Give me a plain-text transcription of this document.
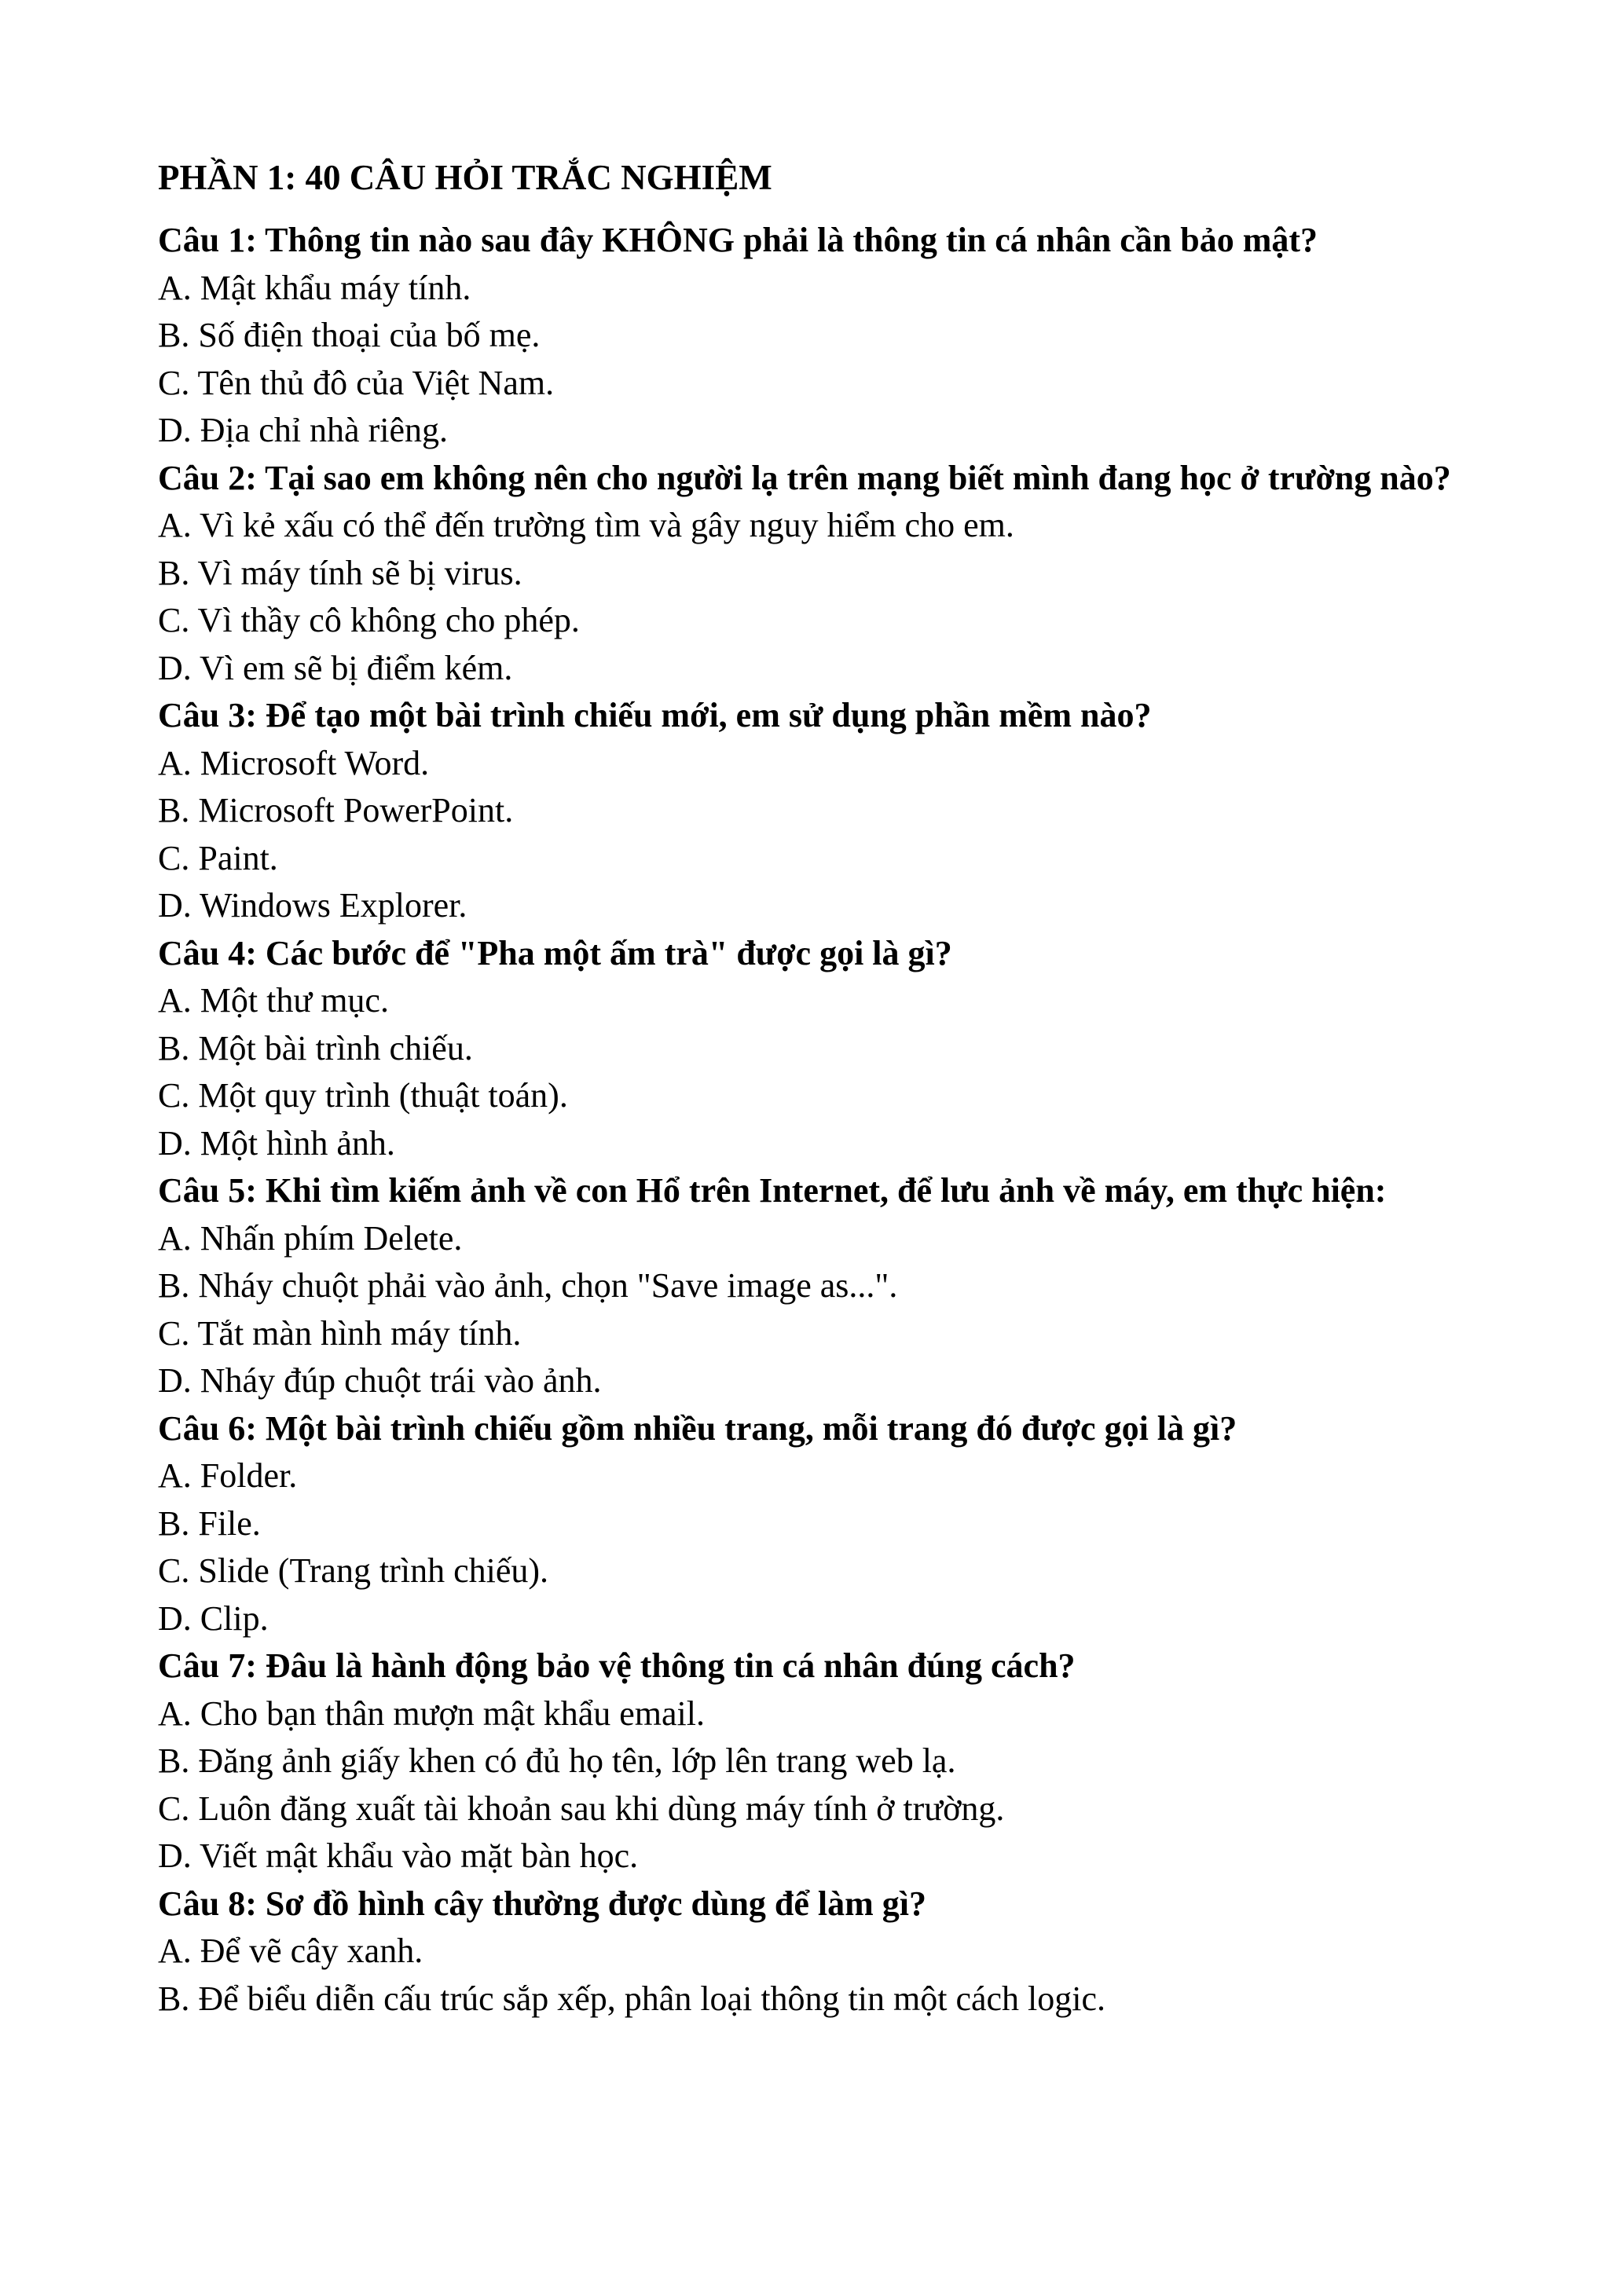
PHẦN 1: 40 CÂU HỎI TRẮC NGHIỆM

Câu 1: Thông tin nào sau đây KHÔNG phải là thông tin cá nhân cần bảo mật?

A. Mật khẩu máy tính.

B. Số điện thoại của bố mẹ.

C. Tên thủ đô của Việt Nam.

D. Địa chỉ nhà riêng.

Câu 2: Tại sao em không nên cho người lạ trên mạng biết mình đang học ở trường nào?

A. Vì kẻ xấu có thể đến trường tìm và gây nguy hiểm cho em.

B. Vì máy tính sẽ bị virus.

C. Vì thầy cô không cho phép.

D. Vì em sẽ bị điểm kém.

Câu 3: Để tạo một bài trình chiếu mới, em sử dụng phần mềm nào?

A. Microsoft Word.

B. Microsoft PowerPoint.

C. Paint.

D. Windows Explorer.

Câu 4: Các bước để "Pha một ấm trà" được gọi là gì?

A. Một thư mục.

B. Một bài trình chiếu.

C. Một quy trình (thuật toán).

D. Một hình ảnh.

Câu 5: Khi tìm kiếm ảnh về con Hổ trên Internet, để lưu ảnh về máy, em thực hiện:

A. Nhấn phím Delete.

B. Nháy chuột phải vào ảnh, chọn "Save image as...".

C. Tắt màn hình máy tính.

D. Nháy đúp chuột trái vào ảnh.

Câu 6: Một bài trình chiếu gồm nhiều trang, mỗi trang đó được gọi là gì?

A. Folder.

B. File.

C. Slide (Trang trình chiếu).

D. Clip.

Câu 7: Đâu là hành động bảo vệ thông tin cá nhân đúng cách?

A. Cho bạn thân mượn mật khẩu email.

B. Đăng ảnh giấy khen có đủ họ tên, lớp lên trang web lạ.

C. Luôn đăng xuất tài khoản sau khi dùng máy tính ở trường.

D. Viết mật khẩu vào mặt bàn học.

Câu 8: Sơ đồ hình cây thường được dùng để làm gì?

A. Để vẽ cây xanh.

B. Để biểu diễn cấu trúc sắp xếp, phân loại thông tin một cách logic.
